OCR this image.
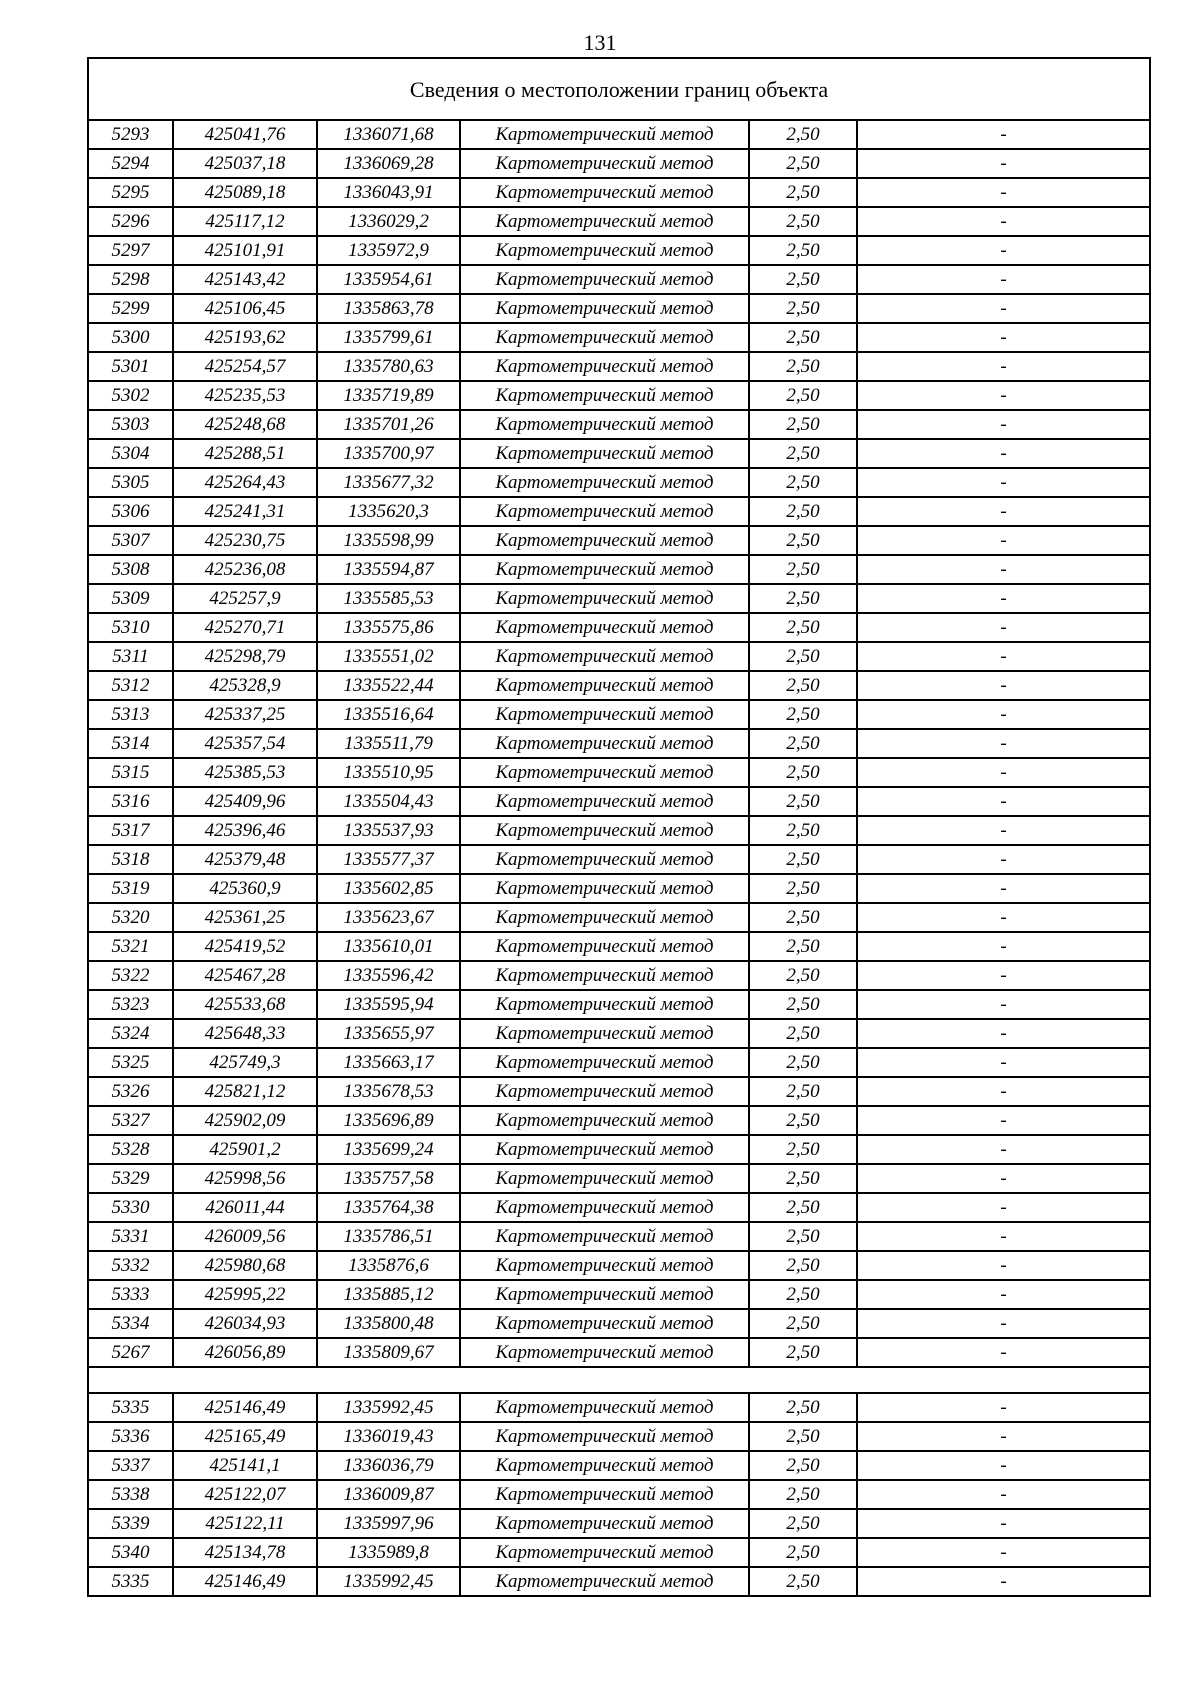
131
Сведения о местоположении границ объекта					
5293	425041,76	1336071,68	Картометрический метод	2,50	-
5294	425037,18	1336069,28	Картометрический метод	2,50	-
5295	425089,18	1336043,91	Картометрический метод	2,50	-
5296	425117,12	1336029,2	Картометрический метод	2,50	-
5297	425101,91	1335972,9	Картометрический метод	2,50	-
5298	425143,42	1335954,61	Картометрический метод	2,50	-
5299	425106,45	1335863,78	Картометрический метод	2,50	-
5300	425193,62	1335799,61	Картометрический метод	2,50	-
5301	425254,57	1335780,63	Картометрический метод	2,50	-
5302	425235,53	1335719,89	Картометрический метод	2,50	-
5303	425248,68	1335701,26	Картометрический метод	2,50	-
5304	425288,51	1335700,97	Картометрический метод	2,50	-
5305	425264,43	1335677,32	Картометрический метод	2,50	-
5306	425241,31	1335620,3	Картометрический метод	2,50	-
5307	425230,75	1335598,99	Картометрический метод	2,50	-
5308	425236,08	1335594,87	Картометрический метод	2,50	-
5309	425257,9	1335585,53	Картометрический метод	2,50	-
5310	425270,71	1335575,86	Картометрический метод	2,50	-
5311	425298,79	1335551,02	Картометрический метод	2,50	-
5312	425328,9	1335522,44	Картометрический метод	2,50	-
5313	425337,25	1335516,64	Картометрический метод	2,50	-
5314	425357,54	1335511,79	Картометрический метод	2,50	-
5315	425385,53	1335510,95	Картометрический метод	2,50	-
5316	425409,96	1335504,43	Картометрический метод	2,50	-
5317	425396,46	1335537,93	Картометрический метод	2,50	-
5318	425379,48	1335577,37	Картометрический метод	2,50	-
5319	425360,9	1335602,85	Картометрический метод	2,50	-
5320	425361,25	1335623,67	Картометрический метод	2,50	-
5321	425419,52	1335610,01	Картометрический метод	2,50	-
5322	425467,28	1335596,42	Картометрический метод	2,50	-
5323	425533,68	1335595,94	Картометрический метод	2,50	-
5324	425648,33	1335655,97	Картометрический метод	2,50	-
5325	425749,3	1335663,17	Картометрический метод	2,50	-
5326	425821,12	1335678,53	Картометрический метод	2,50	-
5327	425902,09	1335696,89	Картометрический метод	2,50	-
5328	425901,2	1335699,24	Картометрический метод	2,50	-
5329	425998,56	1335757,58	Картометрический метод	2,50	-
5330	426011,44	1335764,38	Картометрический метод	2,50	-
5331	426009,56	1335786,51	Картометрический метод	2,50	-
5332	425980,68	1335876,6	Картометрический метод	2,50	-
5333	425995,22	1335885,12	Картометрический метод	2,50	-
5334	426034,93	1335800,48	Картометрический метод	2,50	-
5267	426056,89	1335809,67	Картометрический метод	2,50	-

5335	425146,49	1335992,45	Картометрический метод	2,50	-
5336	425165,49	1336019,43	Картометрический метод	2,50	-
5337	425141,1	1336036,79	Картометрический метод	2,50	-
5338	425122,07	1336009,87	Картометрический метод	2,50	-
5339	425122,11	1335997,96	Картометрический метод	2,50	-
5340	425134,78	1335989,8	Картометрический метод	2,50	-
5335	425146,49	1335992,45	Картометрический метод	2,50	-
